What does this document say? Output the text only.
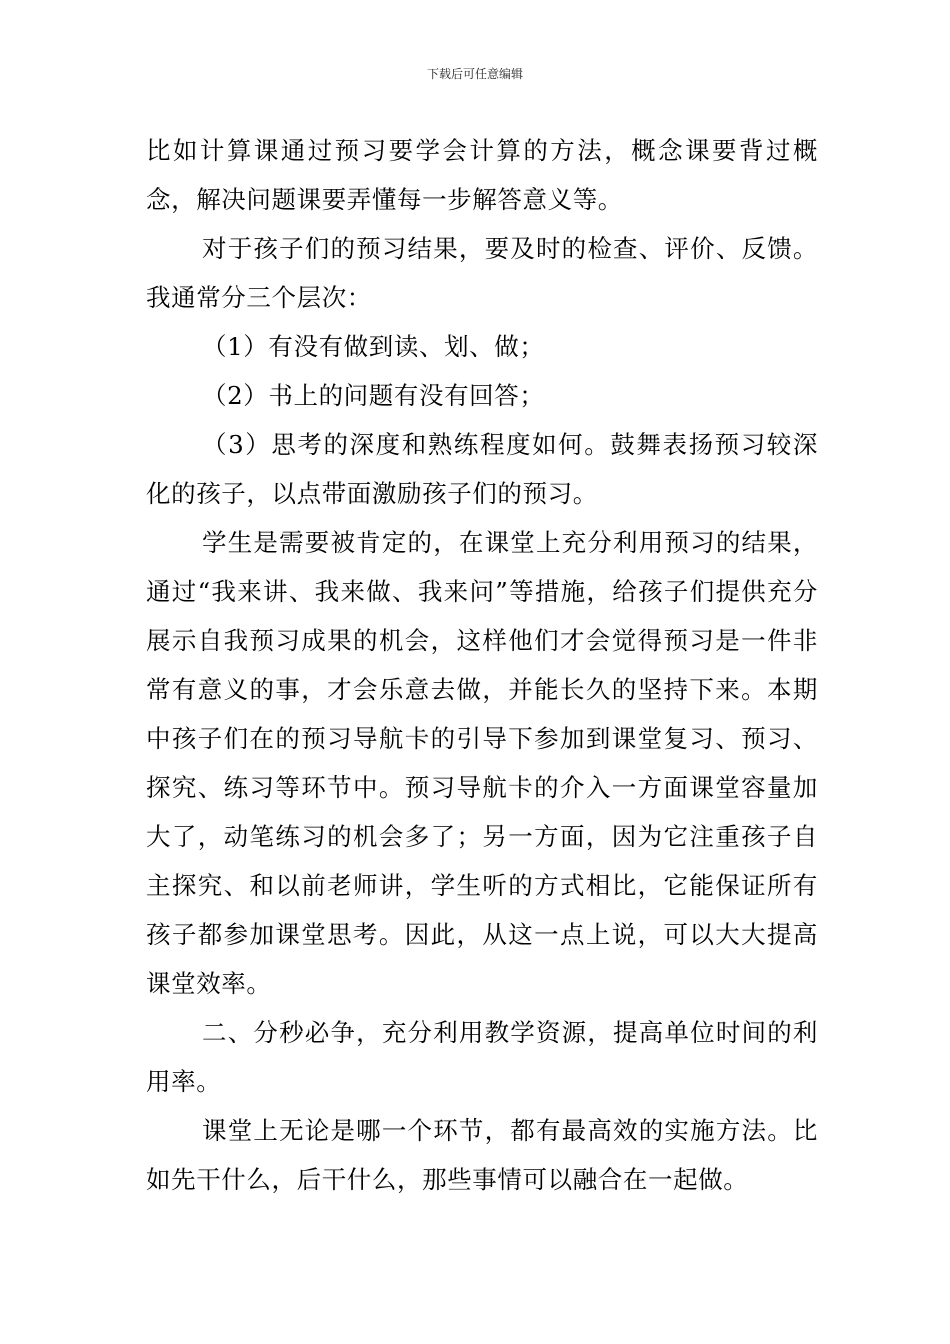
下载后可任意编辑

比如计算课通过预习要学会计算的方法，概念课要背过概念，解决问题课要弄懂每一步解答意义等。

对于孩子们的预习结果，要及时的检查、评价、反馈。我通常分三个层次：

（1）有没有做到读、划、做；

（2）书上的问题有没有回答；

（3）思考的深度和熟练程度如何。鼓舞表扬预习较深化的孩子，以点带面激励孩子们的预习。

学生是需要被肯定的，在课堂上充分利用预习的结果，通过“我来讲、我来做、我来问”等措施，给孩子们提供充分展示自我预习成果的机会，这样他们才会觉得预习是一件非常有意义的事，才会乐意去做，并能长久的坚持下来。本期中孩子们在的预习导航卡的引导下参加到课堂复习、预习、探究、练习等环节中。预习导航卡的介入一方面课堂容量加大了，动笔练习的机会多了；另一方面，因为它注重孩子自主探究、和以前老师讲，学生听的方式相比，它能保证所有孩子都参加课堂思考。因此，从这一点上说，可以大大提高课堂效率。

二、分秒必争，充分利用教学资源，提高单位时间的利用率。

课堂上无论是哪一个环节，都有最高效的实施方法。比如先干什么，后干什么，那些事情可以融合在一起做。
